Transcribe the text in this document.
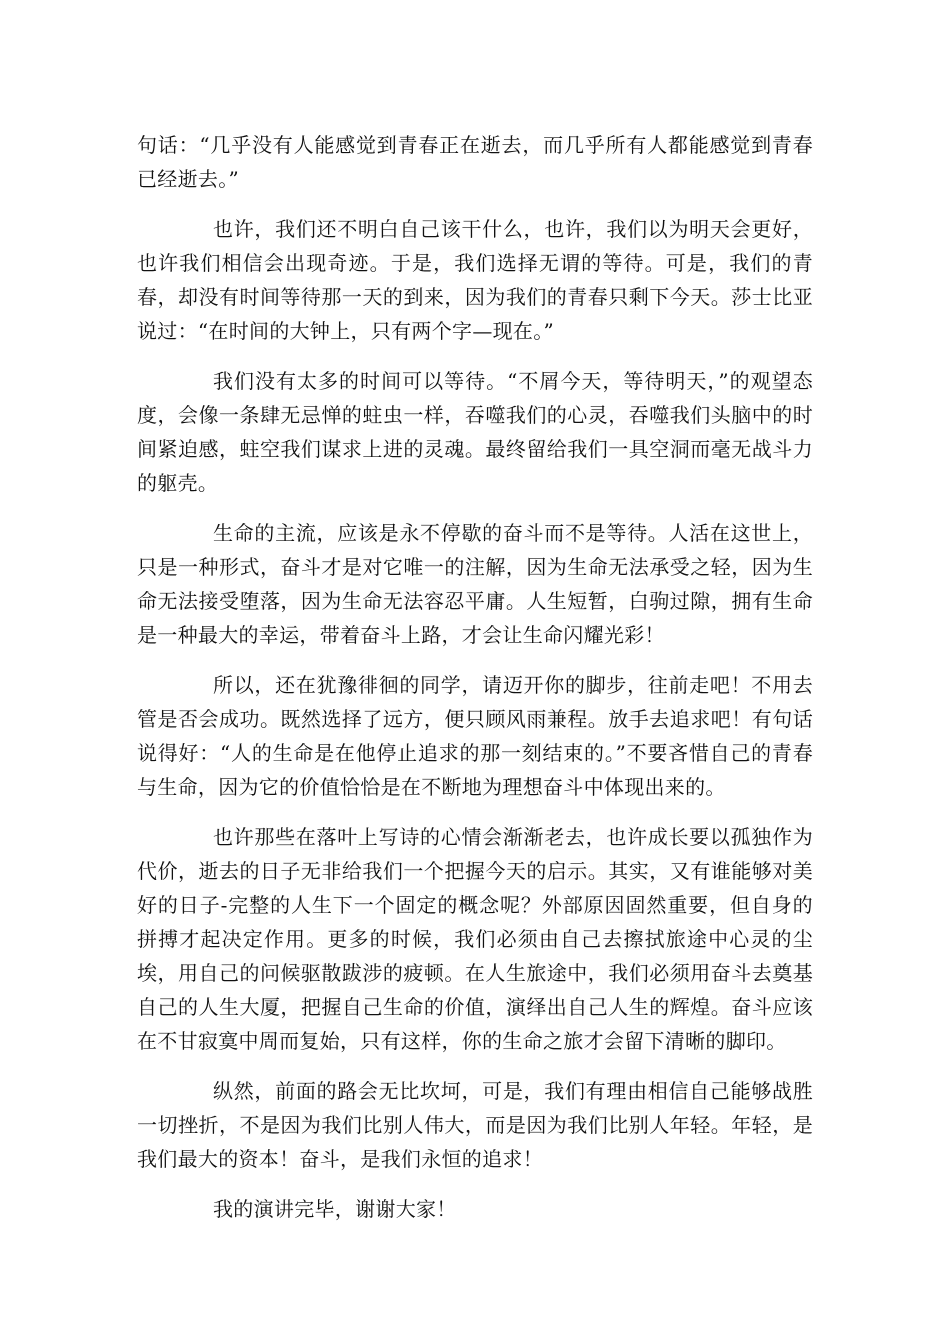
句话：“几乎没有人能感觉到青春正在逝去，而几乎所有人都能感觉到青春已经逝去。”

也许，我们还不明白自己该干什么，也许，我们以为明天会更好，也许我们相信会出现奇迹。于是，我们选择无谓的等待。可是，我们的青春，却没有时间等待那一天的到来，因为我们的青春只剩下今天。莎士比亚说过：“在时间的大钟上，只有两个字—现在。”

我们没有太多的时间可以等待。“不屑今天，等待明天，”的观望态度，会像一条肆无忌惮的蛀虫一样，吞噬我们的心灵，吞噬我们头脑中的时间紧迫感，蛀空我们谋求上进的灵魂。最终留给我们一具空洞而毫无战斗力的躯壳。

生命的主流，应该是永不停歇的奋斗而不是等待。人活在这世上，只是一种形式，奋斗才是对它唯一的注解，因为生命无法承受之轻，因为生命无法接受堕落，因为生命无法容忍平庸。人生短暂，白驹过隙，拥有生命是一种最大的幸运，带着奋斗上路，才会让生命闪耀光彩！

所以，还在犹豫徘徊的同学，请迈开你的脚步，往前走吧！不用去管是否会成功。既然选择了远方，便只顾风雨兼程。放手去追求吧！有句话说得好：“人的生命是在他停止追求的那一刻结束的。”不要吝惜自己的青春与生命，因为它的价值恰恰是在不断地为理想奋斗中体现出来的。

也许那些在落叶上写诗的心情会渐渐老去，也许成长要以孤独作为代价，逝去的日子无非给我们一个把握今天的启示。其实，又有谁能够对美好的日子-完整的人生下一个固定的概念呢？外部原因固然重要，但自身的拼搏才起决定作用。更多的时候，我们必须由自己去擦拭旅途中心灵的尘埃，用自己的问候驱散跋涉的疲顿。在人生旅途中，我们必须用奋斗去奠基自己的人生大厦，把握自己生命的价值，演绎出自己人生的辉煌。奋斗应该在不甘寂寞中周而复始，只有这样，你的生命之旅才会留下清晰的脚印。

纵然，前面的路会无比坎坷，可是，我们有理由相信自己能够战胜一切挫折，不是因为我们比别人伟大，而是因为我们比别人年轻。年轻，是我们最大的资本！奋斗，是我们永恒的追求！

我的演讲完毕，谢谢大家！
